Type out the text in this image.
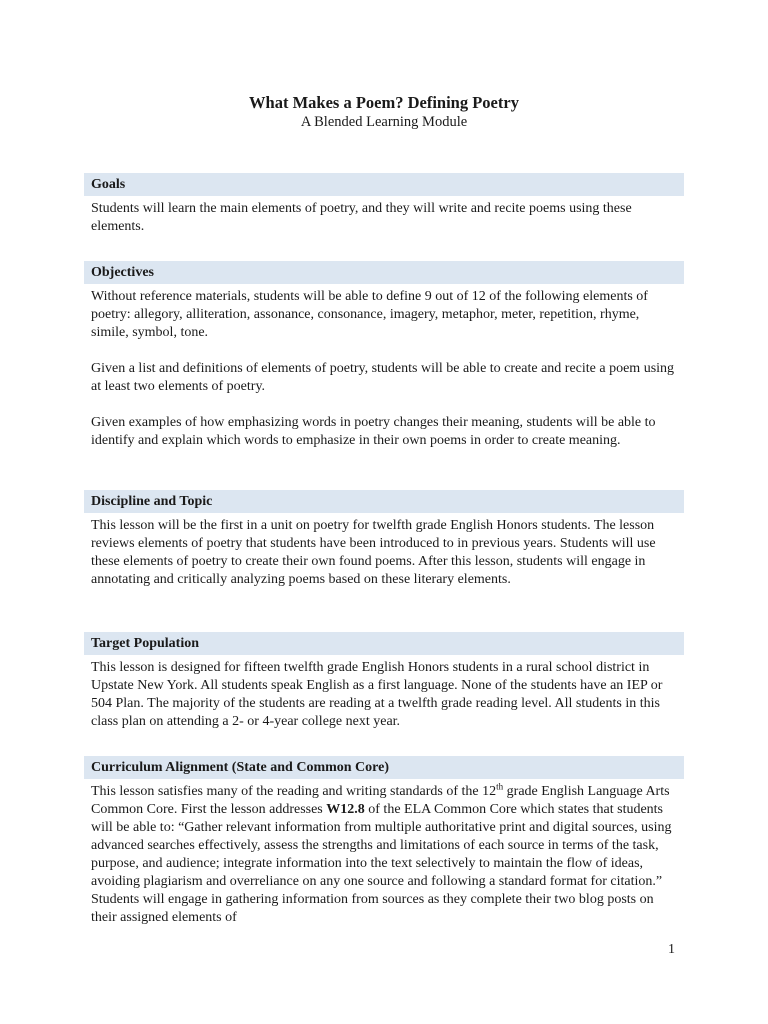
What Makes a Poem? Defining Poetry
A Blended Learning Module
Goals
Students will learn the main elements of poetry, and they will write and recite poems using these elements.
Objectives
Without reference materials, students will be able to define 9 out of 12 of the following elements of poetry: allegory, alliteration, assonance, consonance, imagery, metaphor, meter, repetition, rhyme, simile, symbol, tone.
Given a list and definitions of elements of poetry, students will be able to create and recite a poem using at least two elements of poetry.
Given examples of how emphasizing words in poetry changes their meaning, students will be able to identify and explain which words to emphasize in their own poems in order to create meaning.
Discipline and Topic
This lesson will be the first in a unit on poetry for twelfth grade English Honors students. The lesson reviews elements of poetry that students have been introduced to in previous years. Students will use these elements of poetry to create their own found poems. After this lesson, students will engage in annotating and critically analyzing poems based on these literary elements.
Target Population
This lesson is designed for fifteen twelfth grade English Honors students in a rural school district in Upstate New York. All students speak English as a first language. None of the students have an IEP or 504 Plan. The majority of the students are reading at a twelfth grade reading level. All students in this class plan on attending a 2- or 4-year college next year.
Curriculum Alignment (State and Common Core)
This lesson satisfies many of the reading and writing standards of the 12th grade English Language Arts Common Core. First the lesson addresses W12.8 of the ELA Common Core which states that students will be able to: “Gather relevant information from multiple authoritative print and digital sources, using advanced searches effectively, assess the strengths and limitations of each source in terms of the task, purpose, and audience; integrate information into the text selectively to maintain the flow of ideas, avoiding plagiarism and overreliance on any one source and following a standard format for citation.” Students will engage in gathering information from sources as they complete their two blog posts on their assigned elements of
1
